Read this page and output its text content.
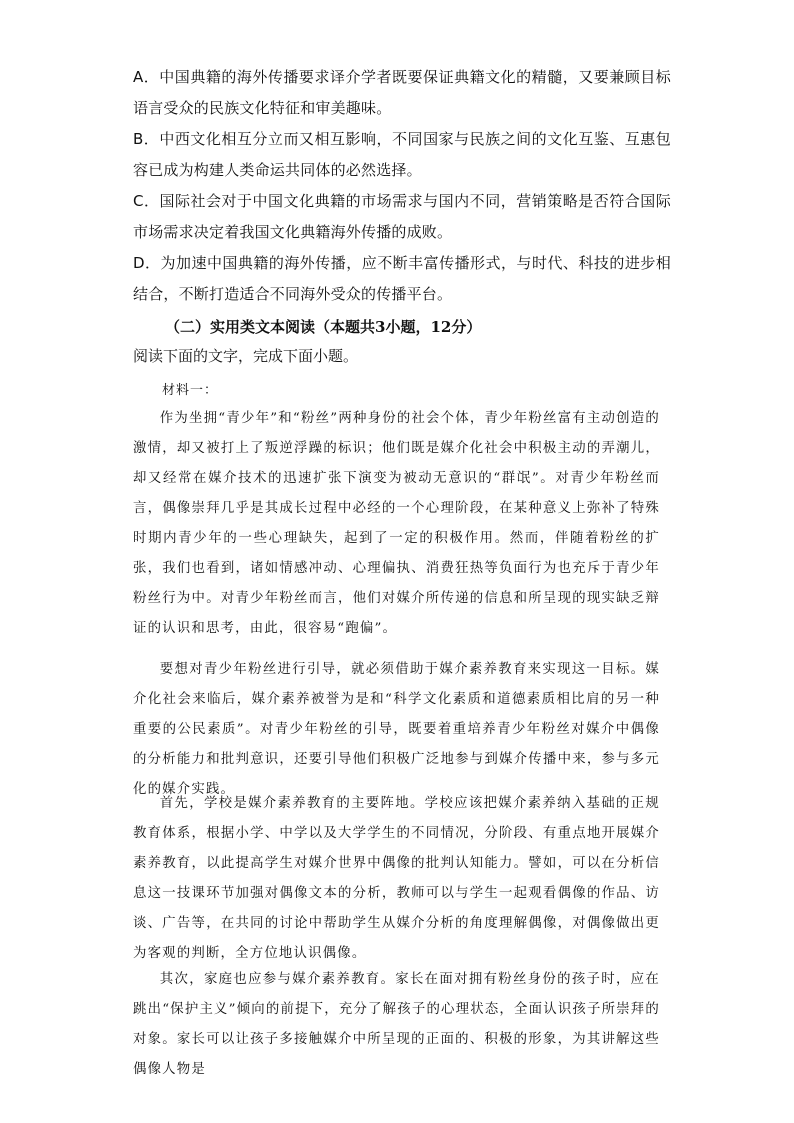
A．中国典籍的海外传播要求译介学者既要保证典籍文化的精髓，又要兼顾目标语言受众的民族文化特征和审美趣味。
B．中西文化相互分立而又相互影响，不同国家与民族之间的文化互鉴、互惠包容已成为构建人类命运共同体的必然选择。
C．国际社会对于中国文化典籍的市场需求与国内不同，营销策略是否符合国际市场需求决定着我国文化典籍海外传播的成败。
D．为加速中国典籍的海外传播，应不断丰富传播形式，与时代、科技的进步相结合，不断打造适合不同海外受众的传播平台。
（二）实用类文本阅读（本题共3小题，12分）
阅读下面的文字，完成下面小题。
材料一：
作为坐拥“青少年”和“粉丝”两种身份的社会个体，青少年粉丝富有主动创造的激情，却又被打上了叛逆浮躁的标识；他们既是媒介化社会中积极主动的弄潮儿，却又经常在媒介技术的迅速扩张下演变为被动无意识的“群氓”。对青少年粉丝而言，偶像崇拜几乎是其成长过程中必经的一个心理阶段，在某种意义上弥补了特殊时期内青少年的一些心理缺失，起到了一定的积极作用。然而，伴随着粉丝的扩张，我们也看到，诸如情感冲动、心理偏执、消费狂热等负面行为也充斥于青少年粉丝行为中。对青少年粉丝而言，他们对媒介所传递的信息和所呈现的现实缺乏辩证的认识和思考，由此，很容易“跑偏”。
要想对青少年粉丝进行引导，就必须借助于媒介素养教育来实现这一目标。媒介化社会来临后，媒介素养被誉为是和“科学文化素质和道德素质相比肩的另一种重要的公民素质”。对青少年粉丝的引导，既要着重培养青少年粉丝对媒介中偶像的分析能力和批判意识，还要引导他们积极广泛地参与到媒介传播中来，参与多元化的媒介实践。
首先，学校是媒介素养教育的主要阵地。学校应该把媒介素养纳入基础的正规教育体系，根据小学、中学以及大学学生的不同情况，分阶段、有重点地开展媒介素养教育，以此提高学生对媒介世界中偶像的批判认知能力。譬如，可以在分析信息这一技课环节加强对偶像文本的分析，教师可以与学生一起观看偶像的作品、访谈、广告等，在共同的讨论中帮助学生从媒介分析的角度理解偶像，对偶像做出更为客观的判断，全方位地认识偶像。
其次，家庭也应参与媒介素养教育。家长在面对拥有粉丝身份的孩子时，应在跳出“保护主义”倾向的前提下，充分了解孩子的心理状态，全面认识孩子所崇拜的对象。家长可以让孩子多接触媒介中所呈现的正面的、积极的形象，为其讲解这些偶像人物是
